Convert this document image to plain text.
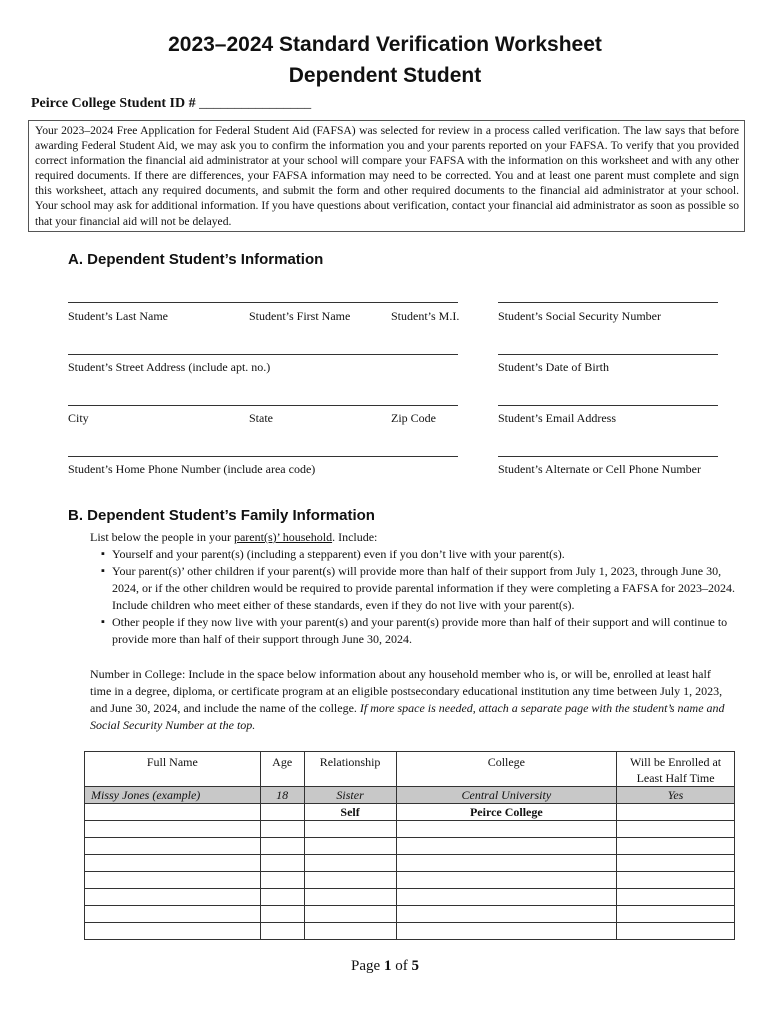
2023–2024 Standard Verification Worksheet
Dependent Student
Peirce College Student ID # ________________
Your 2023–2024 Free Application for Federal Student Aid (FAFSA) was selected for review in a process called verification. The law says that before awarding Federal Student Aid, we may ask you to confirm the information you and your parents reported on your FAFSA. To verify that you provided correct information the financial aid administrator at your school will compare your FAFSA with the information on this worksheet and with any other required documents. If there are differences, your FAFSA information may need to be corrected. You and at least one parent must complete and sign this worksheet, attach any required documents, and submit the form and other required documents to the financial aid administrator at your school. Your school may ask for additional information. If you have questions about verification, contact your financial aid administrator as soon as possible so that your financial aid will not be delayed.
A. Dependent Student’s Information
Student’s Last Name	Student’s First Name	Student’s M.I.	Student’s Social Security Number
Student’s Street Address (include apt. no.)	Student’s Date of Birth
City	State	Zip Code	Student’s Email Address
Student’s Home Phone Number (include area code)	Student’s Alternate or Cell Phone Number
B. Dependent Student’s Family Information
List below the people in your parent(s)’ household. Include:
▪ Yourself and your parent(s) (including a stepparent) even if you don’t live with your parent(s).
▪ Your parent(s)’ other children if your parent(s) will provide more than half of their support from July 1, 2023, through June 30, 2024, or if the other children would be required to provide parental information if they were completing a FAFSA for 2023–2024. Include children who meet either of these standards, even if they do not live with your parent(s).
▪ Other people if they now live with your parent(s) and your parent(s) provide more than half of their support and will continue to provide more than half of their support through June 30, 2024.
Number in College: Include in the space below information about any household member who is, or will be, enrolled at least half time in a degree, diploma, or certificate program at an eligible postsecondary educational institution any time between July 1, 2023, and June 30, 2024, and include the name of the college. If more space is needed, attach a separate page with the student’s name and Social Security Number at the top.
Full Name	Age	Relationship	College	Will be Enrolled at Least Half Time
Missy Jones (example)	18	Sister	Central University	Yes
		Self	Peirce College	

Page 1 of 5
